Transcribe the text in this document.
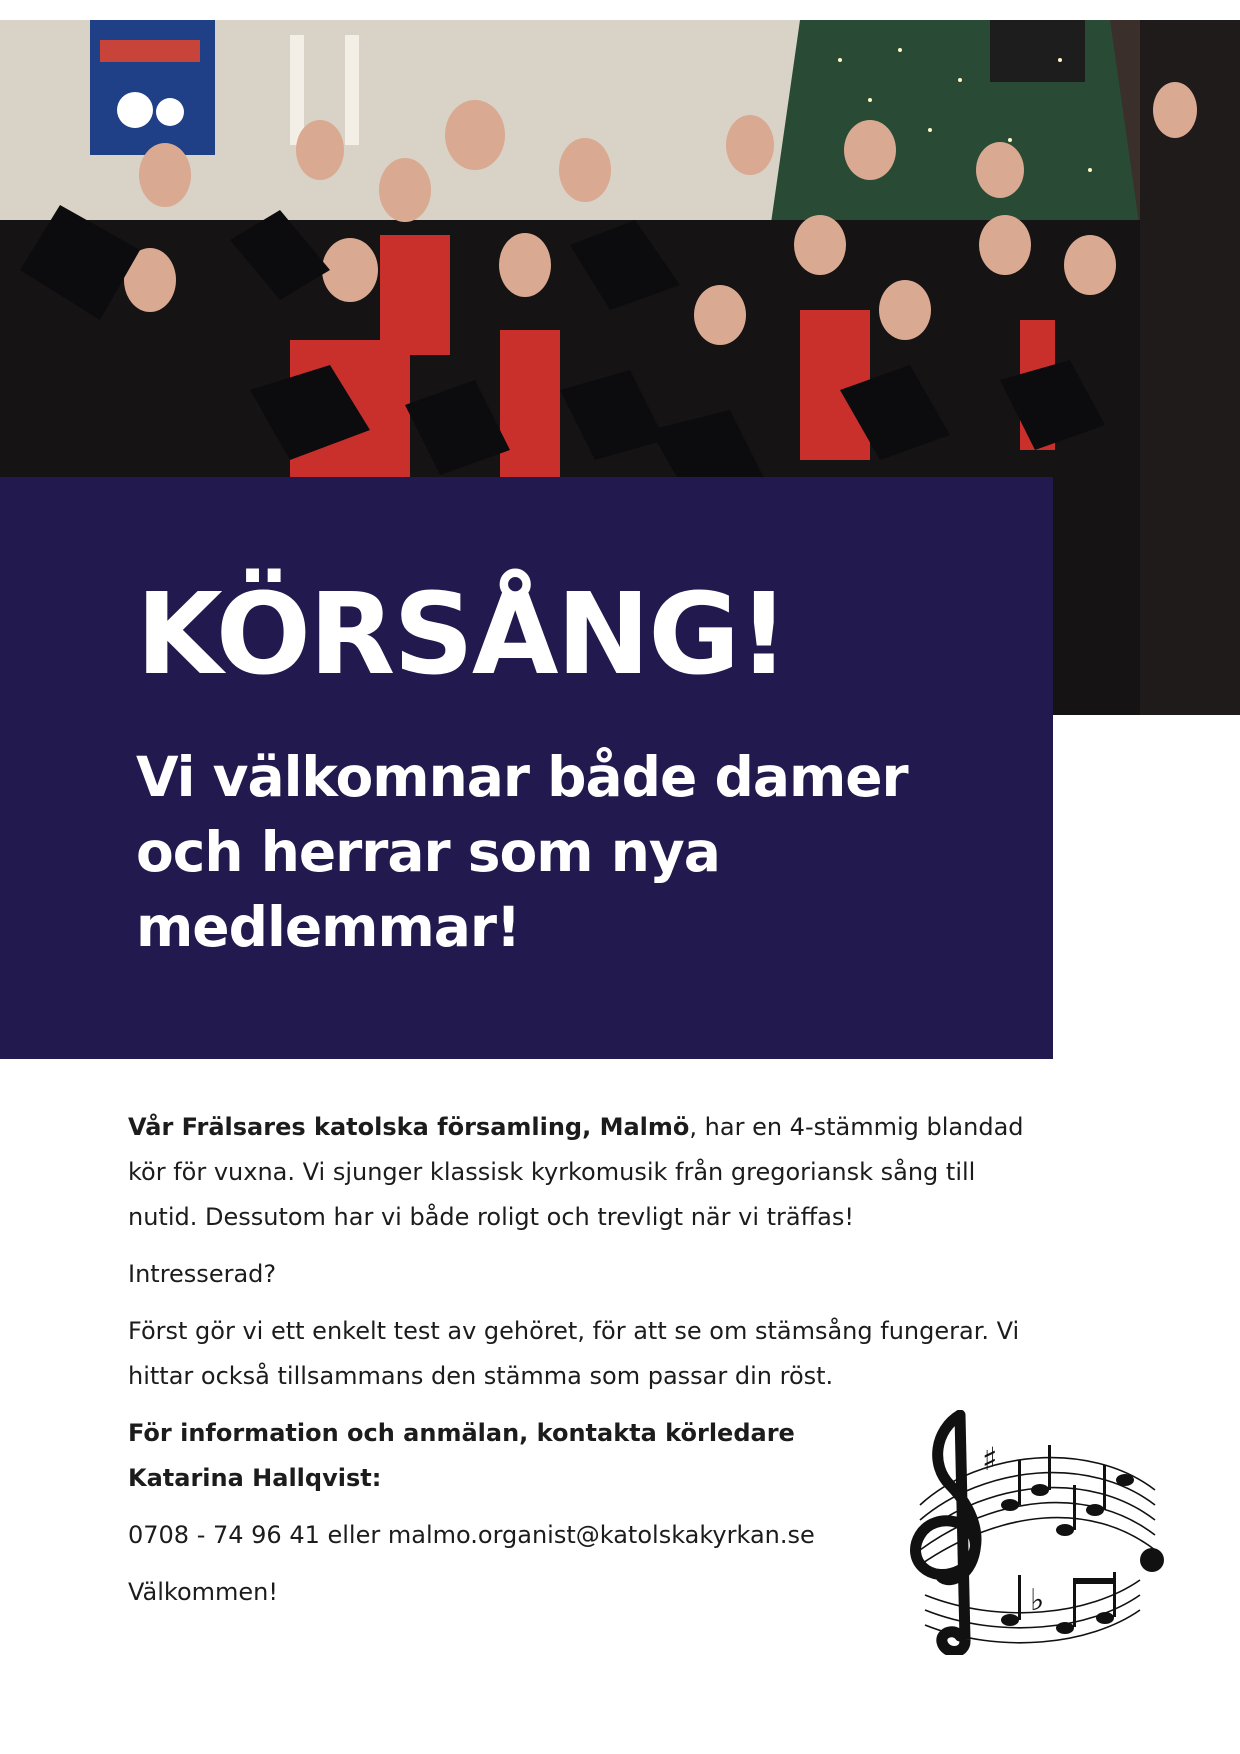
KÖRSÅNG!

Vi välkomnar både damer och herrar som nya medlemmar!

Vår Frälsares katolska församling, Malmö, har en 4-stämmig blandad kör för vuxna. Vi sjunger klassisk kyrkomusik från gregoriansk sång till nutid. Dessutom har vi både roligt och trevligt när vi träffas!

Intresserad?

Först gör vi ett enkelt test av gehöret, för att se om stämsång fungerar. Vi hittar också tillsammans den stämma som passar din röst.

För information och anmälan, kontakta körledare Katarina Hallqvist:

0708 - 74 96 41 eller malmo.organist@katolskakyrkan.se

Välkommen!

♯
♭
